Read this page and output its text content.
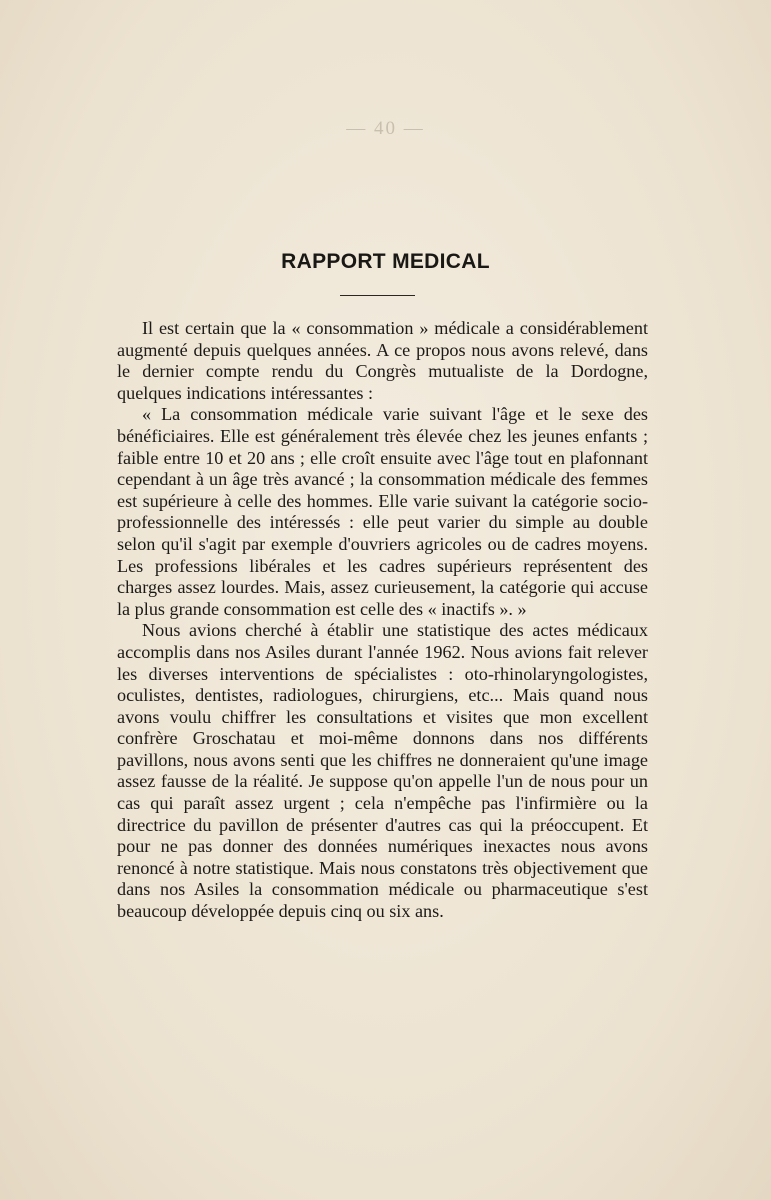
— 40 —
RAPPORT MEDICAL

Il est certain que la « consommation » médicale a considérablement augmenté depuis quelques années. A ce propos nous avons relevé, dans le dernier compte rendu du Congrès mutualiste de la Dordogne, quelques indications intéressantes :

« La consommation médicale varie suivant l'âge et le sexe des bénéficiaires. Elle est généralement très élevée chez les jeunes enfants ; faible entre 10 et 20 ans ; elle croît ensuite avec l'âge tout en plafonnant cependant à un âge très avancé ; la consommation médicale des femmes est supérieure à celle des hommes. Elle varie suivant la catégorie socio-professionnelle des intéressés : elle peut varier du simple au double selon qu'il s'agit par exemple d'ouvriers agricoles ou de cadres moyens. Les professions libérales et les cadres supérieurs représentent des charges assez lourdes. Mais, assez curieusement, la catégorie qui accuse la plus grande consommation est celle des « inactifs ». »

Nous avions cherché à établir une statistique des actes médicaux accomplis dans nos Asiles durant l'année 1962. Nous avions fait relever les diverses interventions de spécialistes : oto-rhinolaryngologistes, oculistes, dentistes, radiologues, chirurgiens, etc... Mais quand nous avons voulu chiffrer les consultations et visites que mon excellent confrère Groschatau et moi-même donnons dans nos différents pavillons, nous avons senti que les chiffres ne donneraient qu'une image assez fausse de la réalité. Je suppose qu'on appelle l'un de nous pour un cas qui paraît assez urgent ; cela n'empêche pas l'infirmière ou la directrice du pavillon de présenter d'autres cas qui la préoccupent. Et pour ne pas donner des données numériques inexactes nous avons renoncé à notre statistique. Mais nous constatons très objectivement que dans nos Asiles la consommation médicale ou pharmaceutique s'est beaucoup développée depuis cinq ou six ans.
